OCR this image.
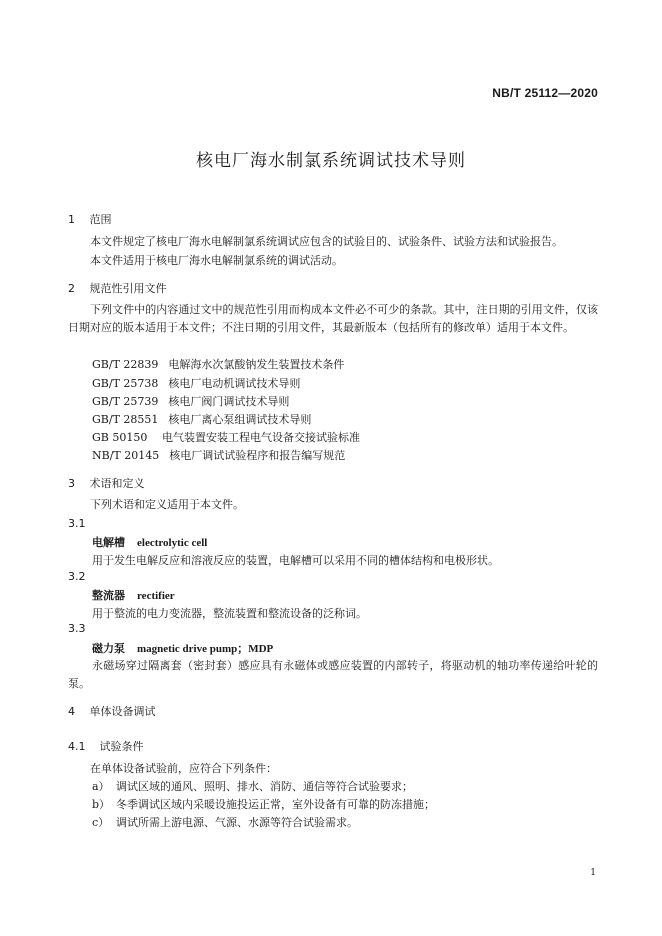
NB/T 25112—2020
核电厂海水制氯系统调试技术导则
1 范围
本文件规定了核电厂海水电解制氯系统调试应包含的试验目的、试验条件、试验方法和试验报告。
本文件适用于核电厂海水电解制氯系统的调试活动。
2 规范性引用文件
下列文件中的内容通过文中的规范性引用而构成本文件必不可少的条款。其中，注日期的引用文件，仅该日期对应的版本适用于本文件；不注日期的引用文件，其最新版本（包括所有的修改单）适用于本文件。
GB/T 22839 电解海水次氯酸钠发生装置技术条件
GB/T 25738 核电厂电动机调试技术导则
GB/T 25739 核电厂阀门调试技术导则
GB/T 28551 核电厂离心泵组调试技术导则
GB 50150 电气装置安装工程电气设备交接试验标准
NB/T 20145 核电厂调试试验程序和报告编写规范
3 术语和定义
下列术语和定义适用于本文件。
3.1
电解槽 electrolytic cell
用于发生电解反应和溶液反应的装置，电解槽可以采用不同的槽体结构和电极形状。
3.2
整流器 rectifier
用于整流的电力变流器，整流装置和整流设备的泛称词。
3.3
磁力泵 magnetic drive pump；MDP
永磁场穿过隔离套（密封套）感应具有永磁体或感应装置的内部转子，将驱动机的轴功率传递给叶轮的泵。
4 单体设备调试
4.1 试验条件
在单体设备试验前，应符合下列条件：
a） 调试区域的通风、照明、排水、消防、通信等符合试验要求；
b） 冬季调试区域内采暖设施投运正常，室外设备有可靠的防冻措施；
c） 调试所需上游电源、气源、水源等符合试验需求。
1
